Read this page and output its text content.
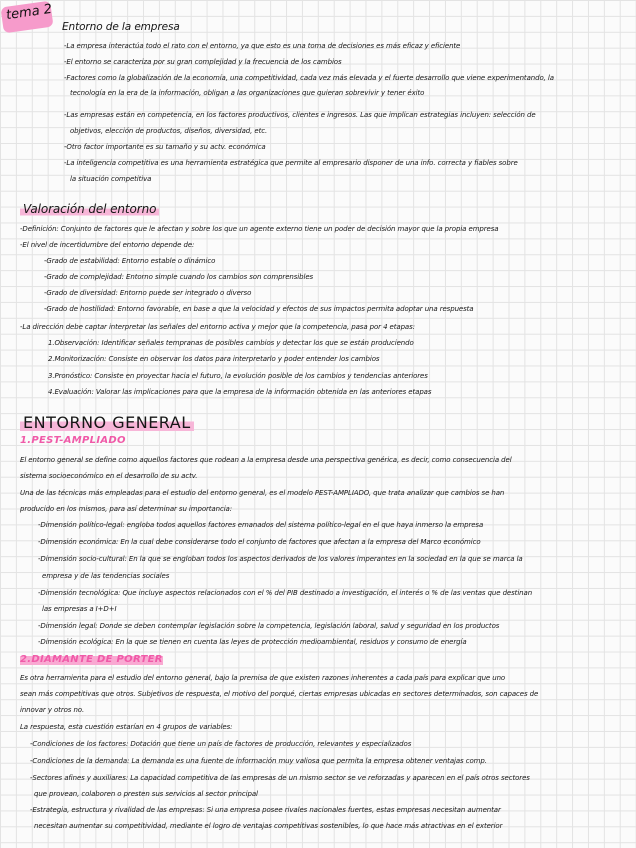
tema 2
Entorno de la empresa
-La empresa interactúa todo el rato con el entorno, ya que esto es una toma de decisiones es más eficaz y eficiente
-El entorno se caracteriza por su gran complejidad y la frecuencia de los cambios
-Factores como la globalización de la economía, una competitividad, cada vez más elevada y el fuerte desarrollo que viene experimentando, la
tecnología en la era de la información, obligan a las organizaciones que quieran sobrevivir y tener éxito
-Las empresas están en competencia, en los factores productivos, clientes e ingresos. Las que implican estrategias incluyen: selección de
objetivos, elección de productos, diseños, diversidad, etc.
-Otro factor importante es su tamaño y su actv. económica
-La inteligencia competitiva es una herramienta estratégica que permite al empresario disponer de una info. correcta y fiables sobre
la situación competitiva
Valoración del entorno
-Definición: Conjunto de factores que le afectan y sobre los que un agente externo tiene un poder de decisión mayor que la propia empresa
-El nivel de incertidumbre del entorno depende de:
-Grado de estabilidad: Entorno estable o dinámico
-Grado de complejidad: Entorno simple cuando los cambios son comprensibles
-Grado de diversidad: Entorno puede ser integrado o diverso
-Grado de hostilidad: Entorno favorable, en base a que la velocidad y efectos de sus impactos permita adoptar una respuesta
-La dirección debe captar interpretar las señales del entorno activa y mejor que la competencia, pasa por 4 etapas:
1.Observación: Identificar señales tempranas de posibles cambios y detectar los que se están produciendo
2.Monitorización: Consiste en observar los datos para interpretarlo y poder entender los cambios
3.Pronóstico: Consiste en proyectar hacia el futuro, la evolución posible de los cambios y tendencias anteriores
4.Evaluación: Valorar las implicaciones para que la empresa de la información obtenida en las anteriores etapas
ENTORNO GENERAL
1.PEST-AMPLIADO
El entorno general se define como aquellos factores que rodean a la empresa desde una perspectiva genérica, es decir, como consecuencia del
sistema socioeconómico en el desarrollo de su actv.
Una de las técnicas más empleadas para el estudio del entorno general, es el modelo PEST-AMPLIADO, que trata analizar que cambios se han
producido en los mismos, para así determinar su importancia:
-Dimensión político-legal: engloba todos aquellos factores emanados del sistema político-legal en el que haya inmerso la empresa
-Dimensión económica: En la cual debe considerarse todo el conjunto de factores que afectan a la empresa del Marco económico
-Dimensión socio-cultural: En la que se engloban todos los aspectos derivados de los valores imperantes en la sociedad en la que se marca la
empresa y de las tendencias sociales
-Dimensión tecnológica: Que incluye aspectos relacionados con el % del PIB destinado a investigación, el interés o % de las ventas que destinan
las empresas a I+D+I
-Dimensión legal: Donde se deben contemplar legislación sobre la competencia, legislación laboral, salud y seguridad en los productos
-Dimensión ecológica: En la que se tienen en cuenta las leyes de protección medioambiental, residuos y consumo de energía
2.DIAMANTE DE PORTER
Es otra herramienta para el estudio del entorno general, bajo la premisa de que existen razones inherentes a cada país para explicar que uno
sean más competitivas que otros. Subjetivos de respuesta, el motivo del porqué, ciertas empresas ubicadas en sectores determinados, son capaces de
innovar y otros no.
La respuesta, esta cuestión estarían en 4 grupos de variables:
-Condiciones de los factores: Dotación que tiene un país de factores de producción, relevantes y especializados
-Condiciones de la demanda: La demanda es una fuente de información muy valiosa que permita la empresa obtener ventajas comp.
-Sectores afines y auxiliares: La capacidad competitiva de las empresas de un mismo sector se ve reforzadas y aparecen en el país otros sectores
que provean, colaboren o presten sus servicios al sector principal
-Estrategia, estructura y rivalidad de las empresas: Si una empresa posee rivales nacionales fuertes, estas empresas necesitan aumentar
necesitan aumentar su competitividad, mediante el logro de ventajas competitivas sostenibles, lo que hace más atractivas en el exterior
